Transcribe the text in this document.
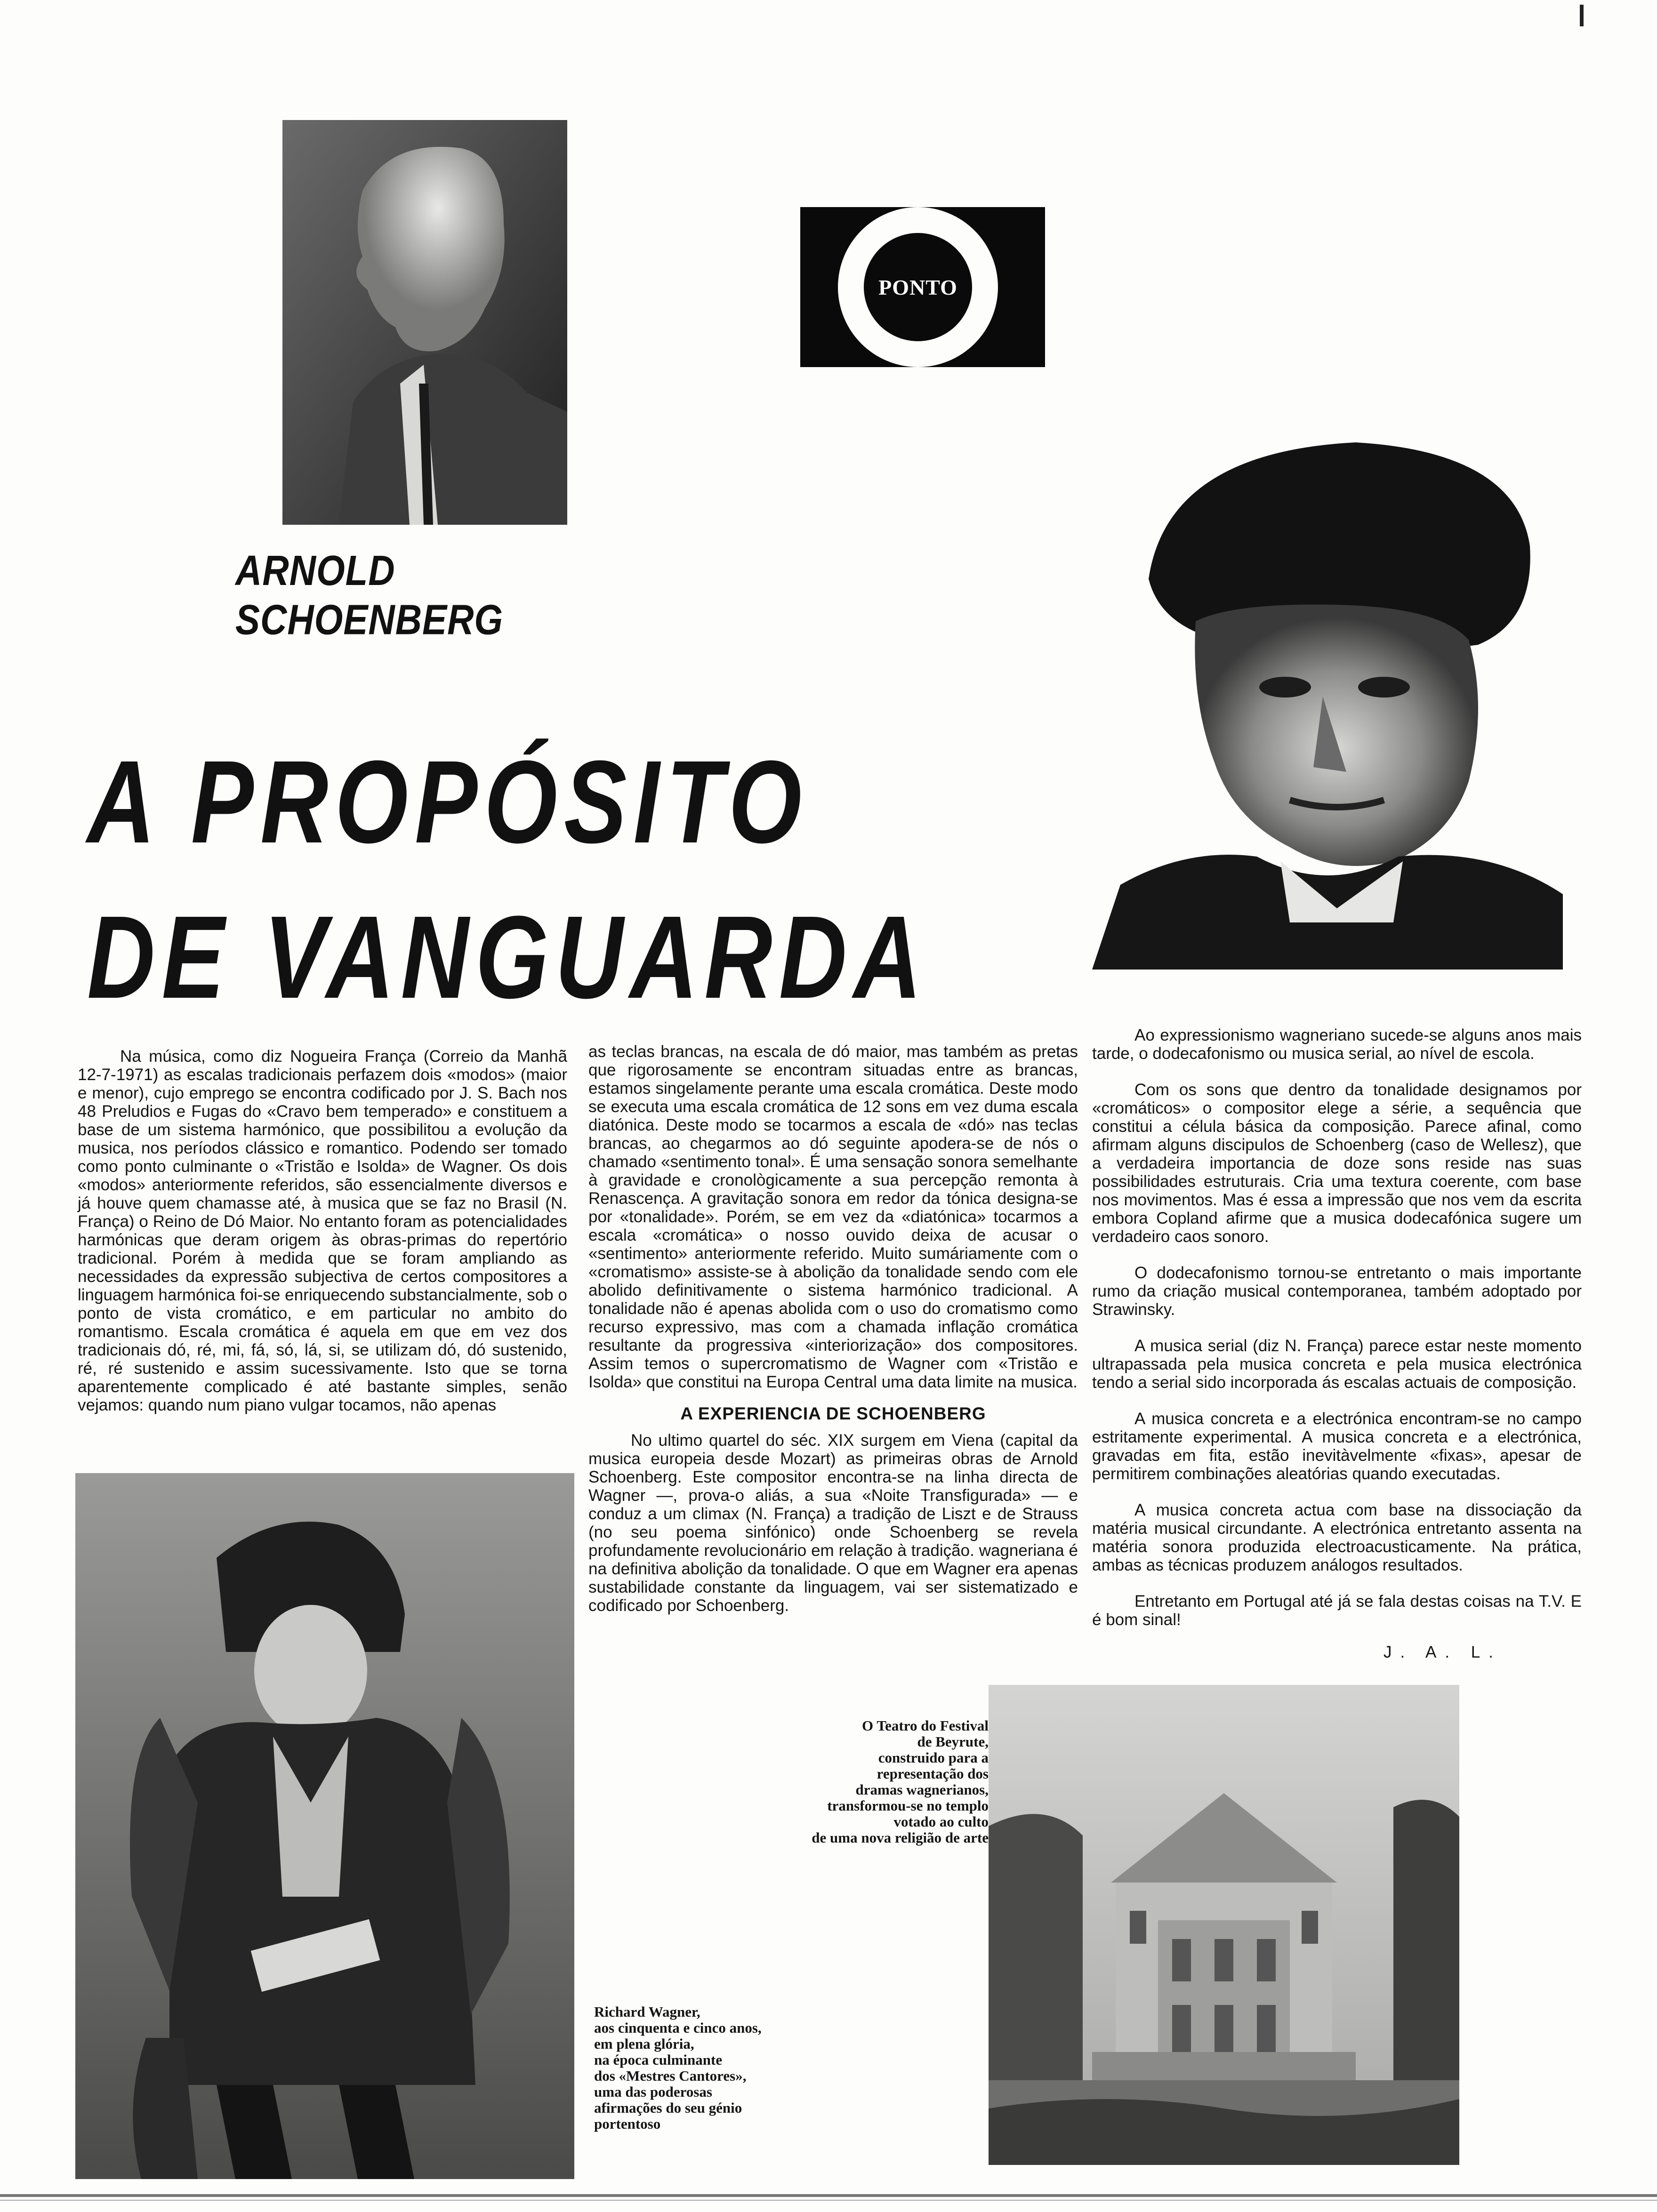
PONTO
ARNOLD SCHOENBERG
A PROPÓSITO
DE VANGUARDA

Na música, como diz Nogueira França (Correio da Manhã 12-7-1971) as escalas tradicionais perfazem dois «modos» (maior e menor), cujo emprego se encontra codificado por J. S. Bach nos 48 Preludios e Fugas do «Cravo bem temperado» e constituem a base de um sistema harmónico, que possibilitou a evolução da musica, nos períodos clássico e romantico. Podendo ser tomado como ponto culminante o «Tristão e Isolda» de Wagner. Os dois «modos» anteriormente referidos, são essencialmente diversos e já houve quem chamasse até, à musica que se faz no Brasil (N. França) o Reino de Dó Maior. No entanto foram as potencialidades harmónicas que deram origem às obras-primas do repertório tradicional. Porém à medida que se foram ampliando as necessidades da expressão subjectiva de certos compositores a linguagem harmónica foi-se enriquecendo substancialmente, sob o ponto de vista cromático, e em particular no ambito do romantismo. Escala cromática é aquela em que em vez dos tradicionais dó, ré, mi, fá, só, lá, si, se utilizam dó, dó sustenido, ré, ré sustenido e assim sucessivamente. Isto que se torna aparentemente complicado é até bastante simples, senão vejamos: quando num piano vulgar tocamos, não apenas

as teclas brancas, na escala de dó maior, mas também as pretas que rigorosamente se encontram situadas entre as brancas, estamos singelamente perante uma escala cromática. Deste modo se executa uma escala cromática de 12 sons em vez duma escala diatónica. Deste modo se tocarmos a escala de «dó» nas teclas brancas, ao chegarmos ao dó seguinte apodera-se de nós o chamado «sentimento tonal». É uma sensação sonora semelhante à gravidade e cronològicamente a sua percepção remonta à Renascença. A gravitação sonora em redor da tónica designa-se por «tonalidade». Porém, se em vez da «diatónica» tocarmos a escala «cromática» o nosso ouvido deixa de acusar o «sentimento» anteriormente referido. Muito sumáriamente com o «cromatismo» assiste-se à abolição da tonalidade sendo com ele abolido definitivamente o sistema harmónico tradicional. A tonalidade não é apenas abolida com o uso do cromatismo como recurso expressivo, mas com a chamada inflação cromática resultante da progressiva «interiorização» dos compositores. Assim temos o supercromatismo de Wagner com «Tristão e Isolda» que constitui na Europa Central uma data limite na musica.

A EXPERIENCIA DE SCHOENBERG

No ultimo quartel do séc. XIX surgem em Viena (capital da musica europeia desde Mozart) as primeiras obras de Arnold Schoenberg. Este compositor encontra-se na linha directa de Wagner —, prova-o aliás, a sua «Noite Transfigurada» — e conduz a um climax (N. França) a tradição de Liszt e de Strauss (no seu poema sinfónico) onde Schoenberg se revela profundamente revolucionário em relação à tradição. wagneriana é na definitiva abolição da tonalidade. O que em Wagner era apenas sustabilidade constante da linguagem, vai ser sistematizado e codificado por Schoenberg.

Ao expressionismo wagneriano sucede-se alguns anos mais tarde, o dodecafonismo ou musica serial, ao nível de escola.

Com os sons que dentro da tonalidade designamos por «cromáticos» o compositor elege a série, a sequência que constitui a célula básica da composição. Parece afinal, como afirmam alguns discipulos de Schoenberg (caso de Wellesz), que a verdadeira importancia de doze sons reside nas suas possibilidades estruturais. Cria uma textura coerente, com base nos movimentos. Mas é essa a impressão que nos vem da escrita embora Copland afirme que a musica dodecafónica sugere um verdadeiro caos sonoro.

O dodecafonismo tornou-se entretanto o mais importante rumo da criação musical contemporanea, também adoptado por Strawinsky.

A musica serial (diz N. França) parece estar neste momento ultrapassada pela musica concreta e pela musica electrónica tendo a serial sido incorporada ás escalas actuais de composição.

A musica concreta e a electrónica encontram-se no campo estritamente experimental. A musica concreta e a electrónica, gravadas em fita, estão inevitàvelmente «fixas», apesar de permitirem combinações aleatórias quando executadas.

A musica concreta actua com base na dissociação da matéria musical circundante. A electrónica entretanto assenta na matéria sonora produzida electroacusticamente. Na prática, ambas as técnicas produzem análogos resultados.

Entretanto em Portugal até já se fala destas coisas na T.V. E é bom sinal!

J. A. L.
O Teatro do Festival
de Beyrute,
construido para a
representação dos
dramas wagnerianos,
transformou-se no templo
votado ao culto
de uma nova religião de arte
Richard Wagner,
aos cinquenta e cinco anos,
em plena glória,
na época culminante
dos «Mestres Cantores»,
uma das poderosas
afirmações do seu génio
portentoso
